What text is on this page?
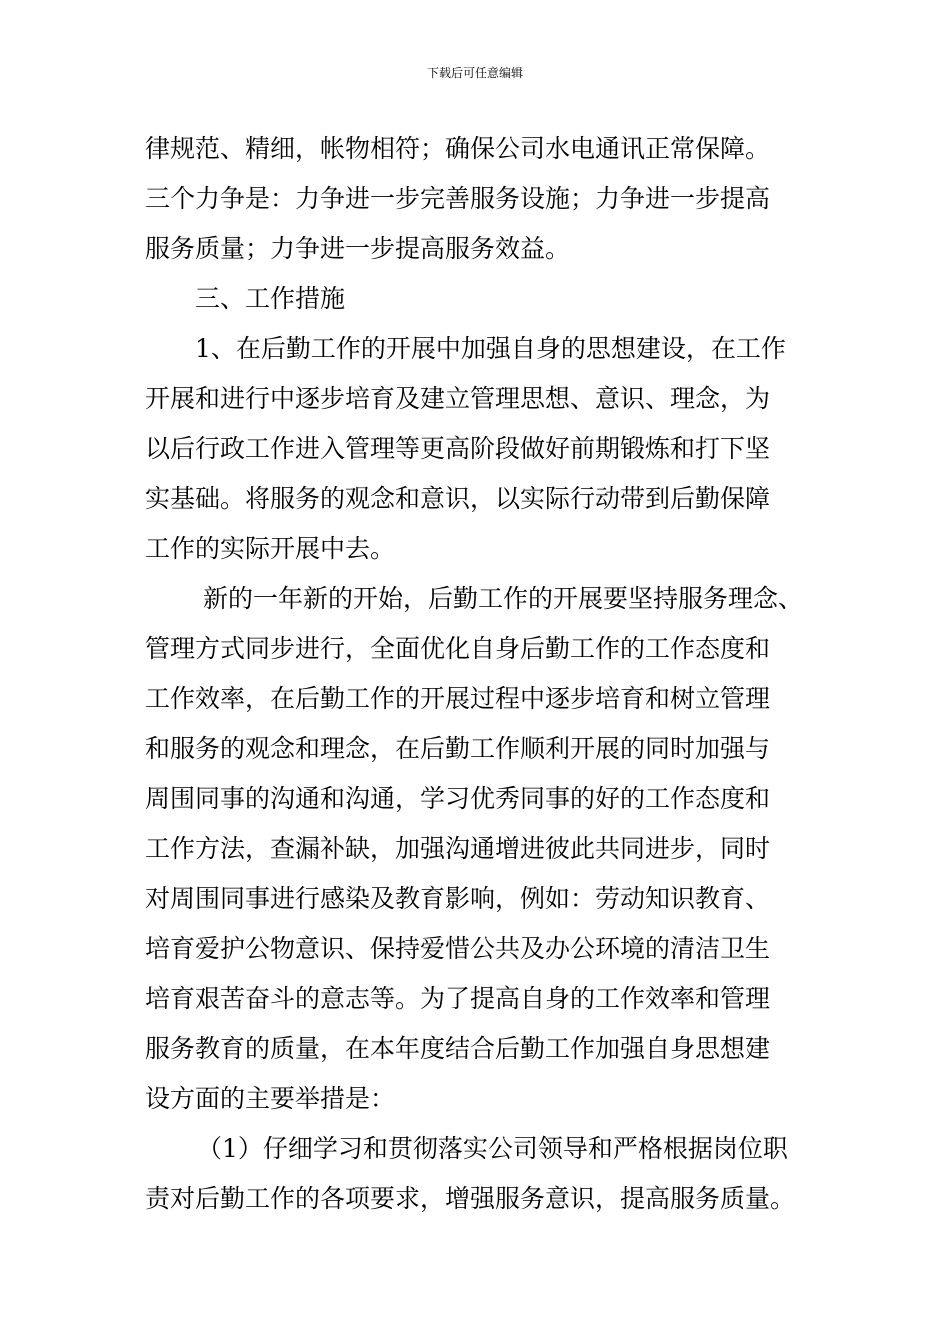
下载后可任意编辑
律规范、精细，帐物相符；确保公司水电通讯正常保障。
三个力争是：力争进一步完善服务设施；力争进一步提高
服务质量；力争进一步提高服务效益。
三、工作措施
1、在后勤工作的开展中加强自身的思想建设，在工作
开展和进行中逐步培育及建立管理思想、意识、理念，为
以后行政工作进入管理等更高阶段做好前期锻炼和打下坚
实基础。将服务的观念和意识，以实际行动带到后勤保障
工作的实际开展中去。
新的一年新的开始，后勤工作的开展要坚持服务理念、
管理方式同步进行，全面优化自身后勤工作的工作态度和
工作效率，在后勤工作的开展过程中逐步培育和树立管理
和服务的观念和理念，在后勤工作顺利开展的同时加强与
周围同事的沟通和沟通，学习优秀同事的好的工作态度和
工作方法，查漏补缺，加强沟通增进彼此共同进步，同时
对周围同事进行感染及教育影响，例如：劳动知识教育、
培育爱护公物意识、保持爱惜公共及办公环境的清洁卫生
培育艰苦奋斗的意志等。为了提高自身的工作效率和管理
服务教育的质量，在本年度结合后勤工作加强自身思想建
设方面的主要举措是：
（1）仔细学习和贯彻落实公司领导和严格根据岗位职
责对后勤工作的各项要求，增强服务意识，提高服务质量。
